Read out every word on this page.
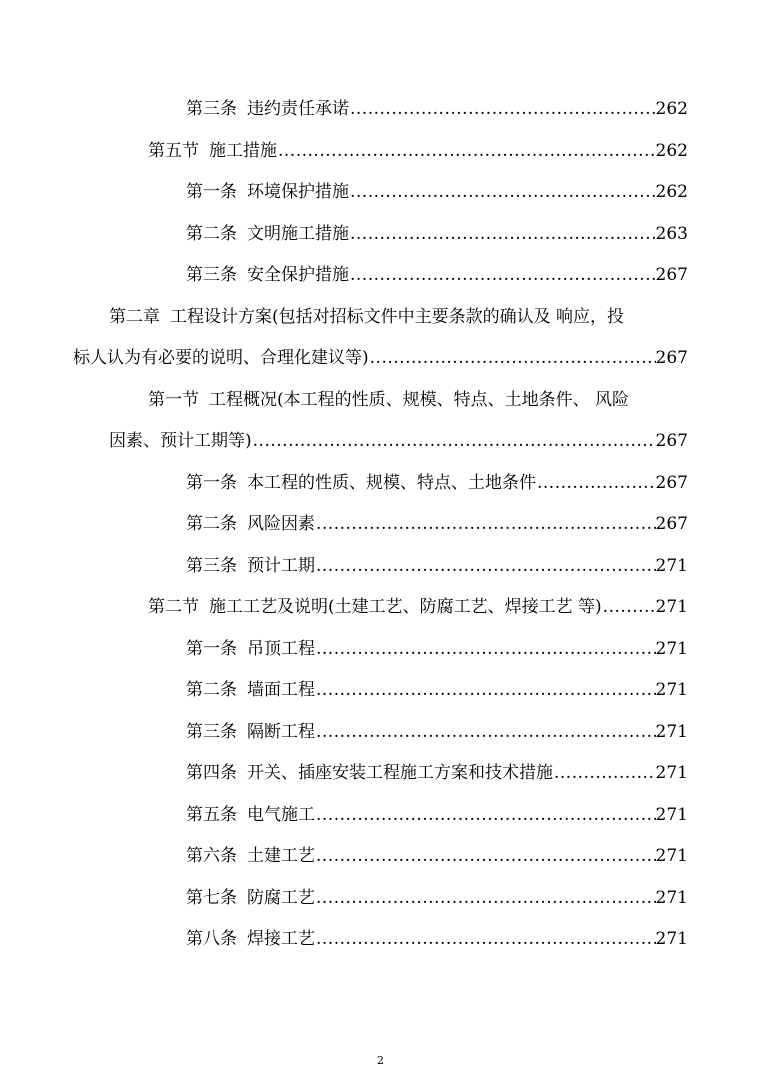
第三条 违约责任承诺 .....	262
第五节 施工措施 .....	262
第一条 环境保护措施 .....	262
第二条 文明施工措施 .....	263
第三条 安全保护措施 .....	267
第二章 工程设计方案(包括对招标文件中主要条款的确认及 响应，投
标人认为有必要的说明、合理化建议等) .....	267
第一节 工程概况(本工程的性质、规模、特点、土地条件、 风险
因素、预计工期等) .....	267
第一条 本工程的性质、规模、特点、土地条件 .....	267
第二条 风险因素 .....	267
第三条 预计工期 .....	271
第二节 施工工艺及说明(土建工艺、防腐工艺、焊接工艺 等) .....	271
第一条 吊顶工程 .....	271
第二条 墙面工程 .....	271
第三条 隔断工程 .....	271
第四条 开关、插座安装工程施工方案和技术措施 .....	271
第五条 电气施工 .....	271
第六条 土建工艺 .....	271
第七条 防腐工艺 .....	271
第八条 焊接工艺 .....	271
2
